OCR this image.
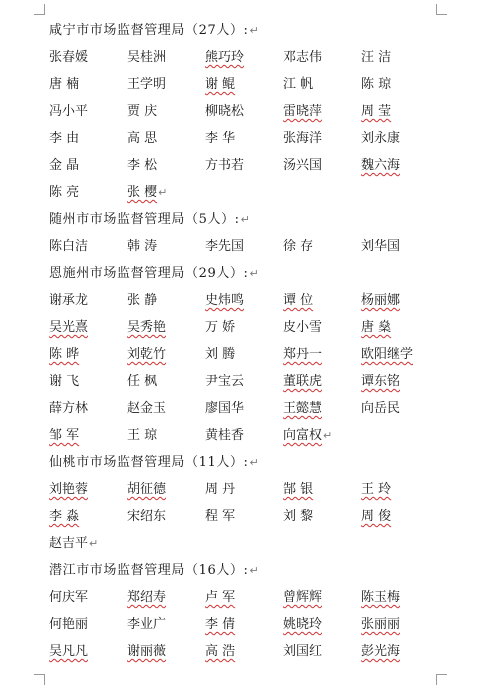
咸宁市市场监督管理局（27人）:↵
张春媛	吴桂洲	熊巧玲	邓志伟	汪 洁
唐 楠	王学明	谢 鲲	江 帆	陈 琼
冯小平	贾 庆	柳晓松	雷晓萍	周 莹
李 由	高 思	李 华	张海洋	刘永康
金 晶	李 松	方书若	汤兴国	魏六海
陈 亮	张 樱↵
随州市市场监督管理局（5人）:↵
陈白洁	韩 涛	李先国	徐 存	刘华国
恩施州市场监督管理局（29人）:↵
谢承龙	张 静	史炜鸣	谭 位	杨丽娜
吴光熹	吴秀艳	万 娇	皮小雪	唐 燊
陈 晔	刘乾竹	刘 腾	郑丹一	欧阳继学
谢 飞	任 枫	尹宝云	董联虎	谭东铭
薛方林	赵金玉	廖国华	王懿慧	向岳民
邹 军	王 琼	黄桂香	向富权↵
仙桃市市场监督管理局（11人）:↵
刘艳蓉	胡征德	周 丹	郜 银	王 玲
李 淼	宋绍东	程 军	刘 黎	周 俊
赵吉平↵
潜江市市场监督管理局（16人）:↵
何庆军	郑绍寿	卢 军	曾辉辉	陈玉梅
何艳丽	李业广	李 倩	姚晓玲	张丽丽
吴凡凡	谢丽薇	高 浩	刘国红	彭光海
